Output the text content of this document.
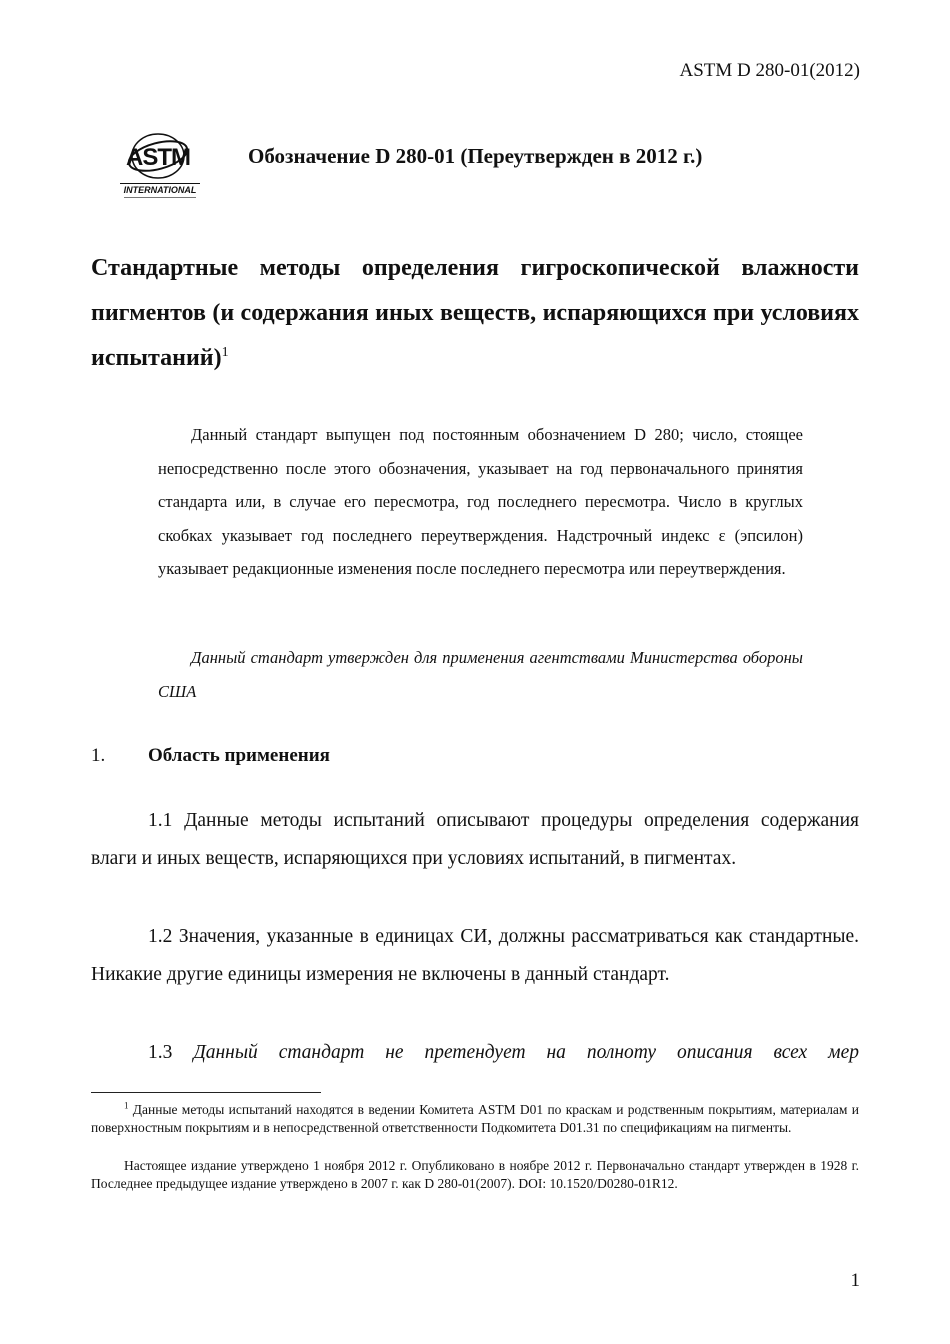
ASTM D 280-01(2012)
ASTM
INTERNATIONAL
Обозначение D 280-01 (Переутвержден в 2012 г.)
Стандартные методы определения гигроскопической влажности пигментов (и содержания иных веществ, испаряющихся при условиях испытаний)$^1$
Данный стандарт выпущен под постоянным обозначением D 280; число, стоящее непосредственно после этого обозначения, указывает на год первоначального принятия стандарта или, в случае его пересмотра, год последнего пересмотра. Число в круглых скобках указывает год последнего переутверждения. Надстрочный индекс ε (эпсилон) указывает редакционные изменения после последнего пересмотра или переутверждения.
Данный стандарт утвержден для применения агентствами Министерства обороны США
1. Область применения
1.1 Данные методы испытаний описывают процедуры определения содержания влаги и иных веществ, испаряющихся при условиях испытаний, в пигментах.
1.2 Значения, указанные в единицах СИ, должны рассматриваться как стандартные. Никакие другие единицы измерения не включены в данный стандарт.
1.3 Данный стандарт не претендует на полноту описания всех мер
$^1$ Данные методы испытаний находятся в ведении Комитета ASTM D01 по краскам и родственным покрытиям, материалам и поверхностным покрытиям и в непосредственной ответственности Подкомитета D01.31 по спецификациям на пигменты.
Настоящее издание утверждено 1 ноября 2012 г. Опубликовано в ноябре 2012 г. Первоначально стандарт утвержден в 1928 г. Последнее предыдущее издание утверждено в 2007 г. как D 280-01(2007). DOI: 10.1520/D0280-01R12.
1
